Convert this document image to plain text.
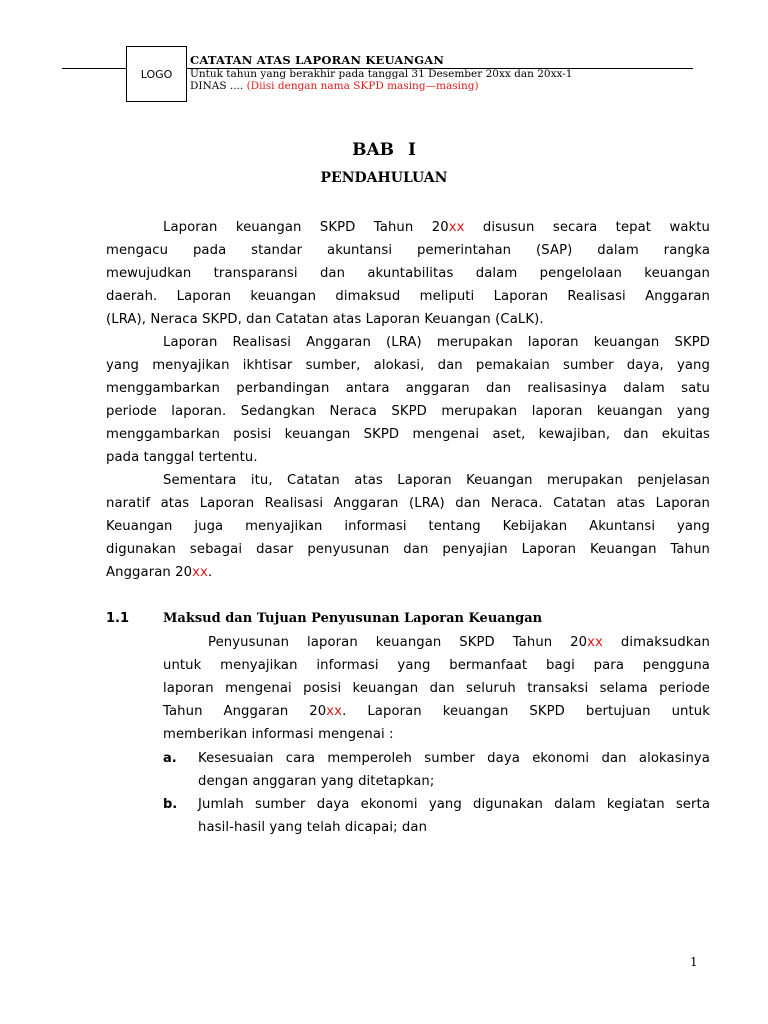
LOGO
CATATAN ATAS LAPORAN KEUANGAN
Untuk tahun yang berakhir pada tanggal 31 Desember 20xx dan 20xx-1
DINAS .... (Diisi dengan nama SKPD masing—masing)
BAB I
PENDAHULUAN
Laporan keuangan SKPD Tahun 20xx disusun secara tepat waktu
mengacu pada standar akuntansi pemerintahan (SAP) dalam rangka
mewujudkan transparansi dan akuntabilitas dalam pengelolaan keuangan
daerah. Laporan keuangan dimaksud meliputi Laporan Realisasi Anggaran
(LRA), Neraca SKPD, dan Catatan atas Laporan Keuangan (CaLK).
Laporan Realisasi Anggaran (LRA) merupakan laporan keuangan SKPD
yang menyajikan ikhtisar sumber, alokasi, dan pemakaian sumber daya, yang
menggambarkan perbandingan antara anggaran dan realisasinya dalam satu
periode laporan. Sedangkan Neraca SKPD merupakan laporan keuangan yang
menggambarkan posisi keuangan SKPD mengenai aset, kewajiban, dan ekuitas
pada tanggal tertentu.
Sementara itu, Catatan atas Laporan Keuangan merupakan penjelasan
naratif atas Laporan Realisasi Anggaran (LRA) dan Neraca. Catatan atas Laporan
Keuangan juga menyajikan informasi tentang Kebijakan Akuntansi yang
digunakan sebagai dasar penyusunan dan penyajian Laporan Keuangan Tahun
Anggaran 20xx.
1.1	Maksud dan Tujuan Penyusunan Laporan Keuangan
Penyusunan laporan keuangan SKPD Tahun 20xx dimaksudkan
untuk menyajikan informasi yang bermanfaat bagi para pengguna
laporan mengenai posisi keuangan dan seluruh transaksi selama periode
Tahun Anggaran 20xx. Laporan keuangan SKPD bertujuan untuk
memberikan informasi mengenai :
a. Kesesuaian cara memperoleh sumber daya ekonomi dan alokasinya
dengan anggaran yang ditetapkan;
b. Jumlah sumber daya ekonomi yang digunakan dalam kegiatan serta
hasil-hasil yang telah dicapai; dan
1
